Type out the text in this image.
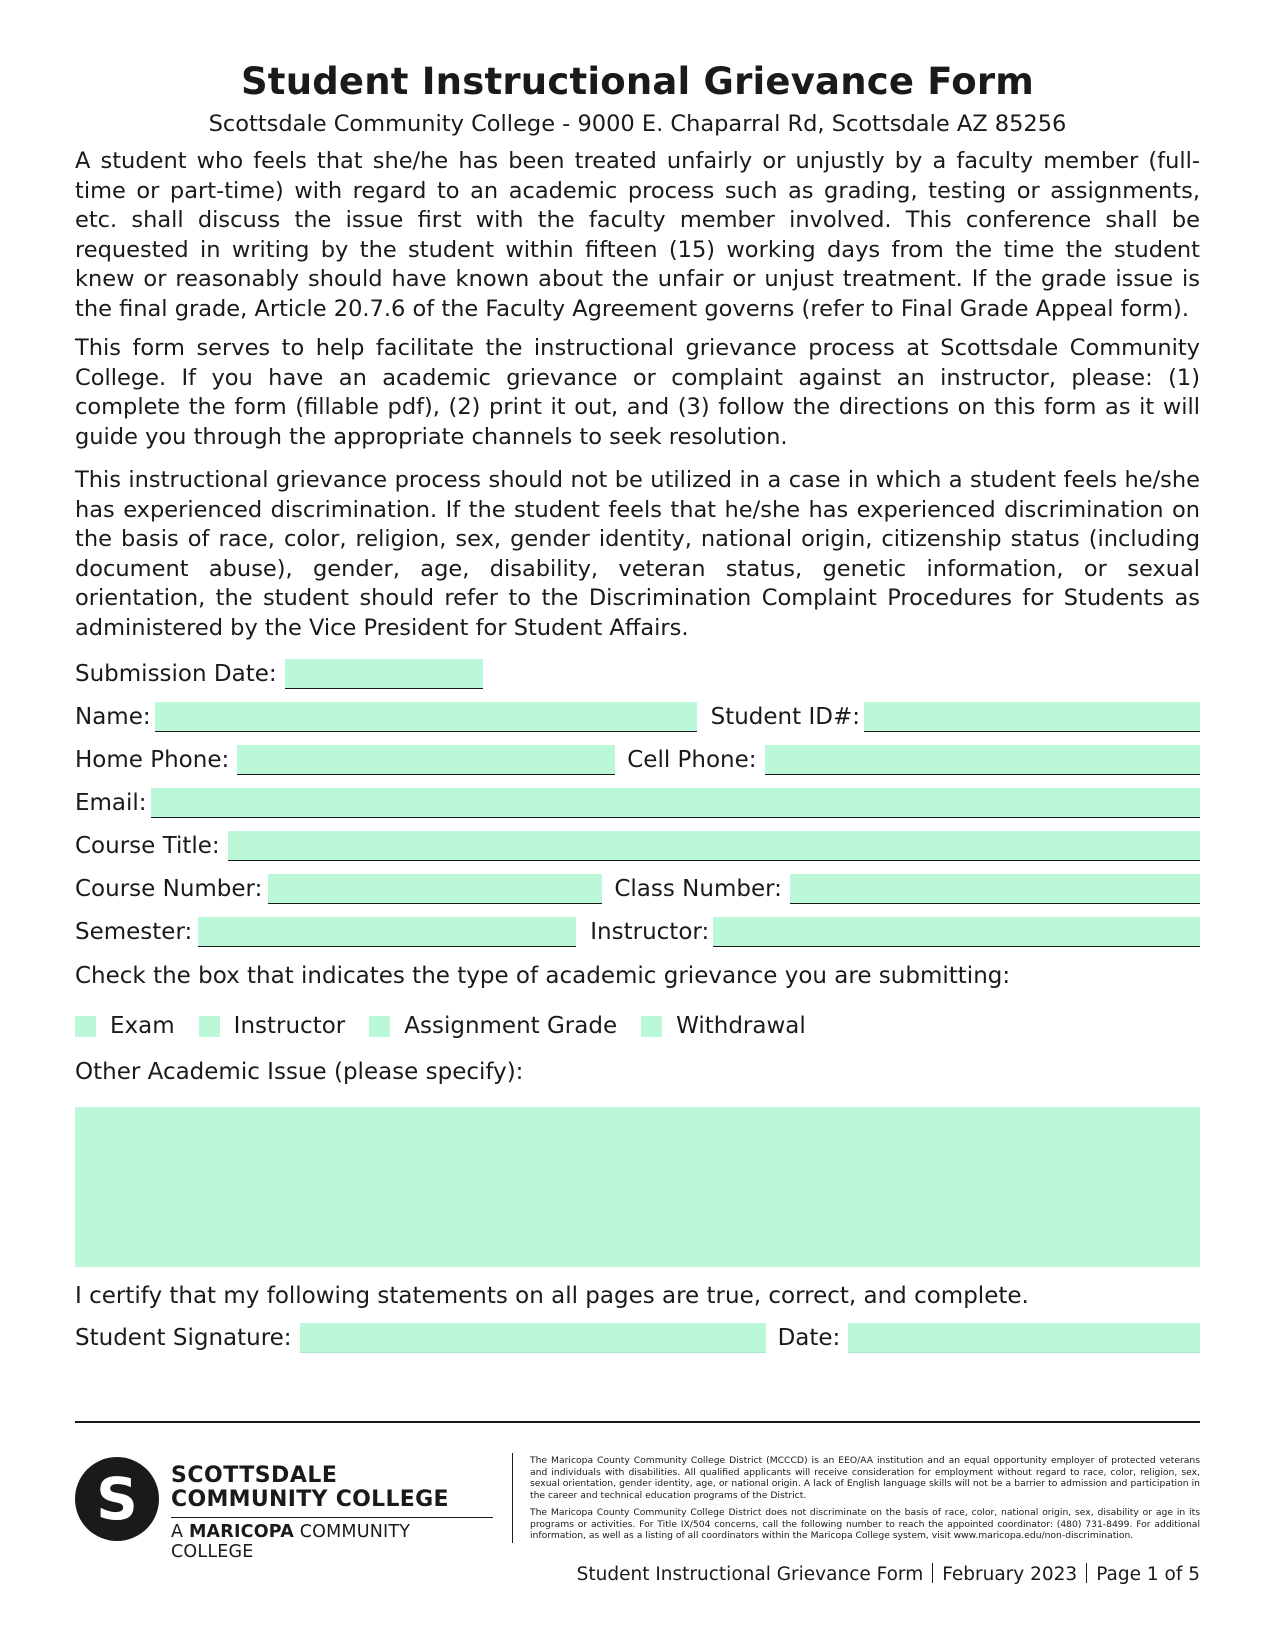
Student Instructional Grievance Form
Scottsdale Community College - 9000 E. Chaparral Rd, Scottsdale AZ 85256

A student who feels that she/he has been treated unfairly or unjustly by a faculty member (full-time or part-time) with regard to an academic process such as grading, testing or assignments, etc. shall discuss the issue first with the faculty member involved. This conference shall be requested in writing by the student within fifteen (15) working days from the time the student knew or reasonably should have known about the unfair or unjust treatment. If the grade issue is the final grade, Article 20.7.6 of the Faculty Agreement governs (refer to Final Grade Appeal form).

This form serves to help facilitate the instructional grievance process at Scottsdale Community College. If you have an academic grievance or complaint against an instructor, please: (1) complete the form (fillable pdf), (2) print it out, and (3) follow the directions on this form as it will guide you through the appropriate channels to seek resolution.

This instructional grievance process should not be utilized in a case in which a student feels he/she has experienced discrimination. If the student feels that he/she has experienced discrimination on the basis of race, color, religion, sex, gender identity, national origin, citizenship status (including document abuse), gender, age, disability, veteran status, genetic information, or sexual orientation, the student should refer to the Discrimination Complaint Procedures for Students as administered by the Vice President for Student Affairs.

Submission Date:
Name:	Student ID#:
Home Phone:	Cell Phone:
Email:
Course Title:
Course Number:	Class Number:
Semester:	Instructor:
Check the box that indicates the type of academic grievance you are submitting:
Exam	Instructor	Assignment Grade	Withdrawal
Other Academic Issue (please specify):
I certify that my following statements on all pages are true, correct, and complete.
Student Signature:	Date:
S	SCOTTSDALE
COMMUNITY COLLEGE
A MARICOPA COMMUNITY COLLEGE

The Maricopa County Community College District (MCCCD) is an EEO/AA institution and an equal opportunity employer of protected veterans and individuals with disabilities. All qualified applicants will receive consideration for employment without regard to race, color, religion, sex, sexual orientation, gender identity, age, or national origin. A lack of English language skills will not be a barrier to admission and participation in the career and technical education programs of the District.

The Maricopa County Community College District does not discriminate on the basis of race, color, national origin, sex, disability or age in its programs or activities. For Title IX/504 concerns, call the following number to reach the appointed coordinator: (480) 731-8499. For additional information, as well as a listing of all coordinators within the Maricopa College system, visit www.maricopa.edu/non-discrimination.

Student Instructional Grievance Form February 2023 Page 1 of 5
